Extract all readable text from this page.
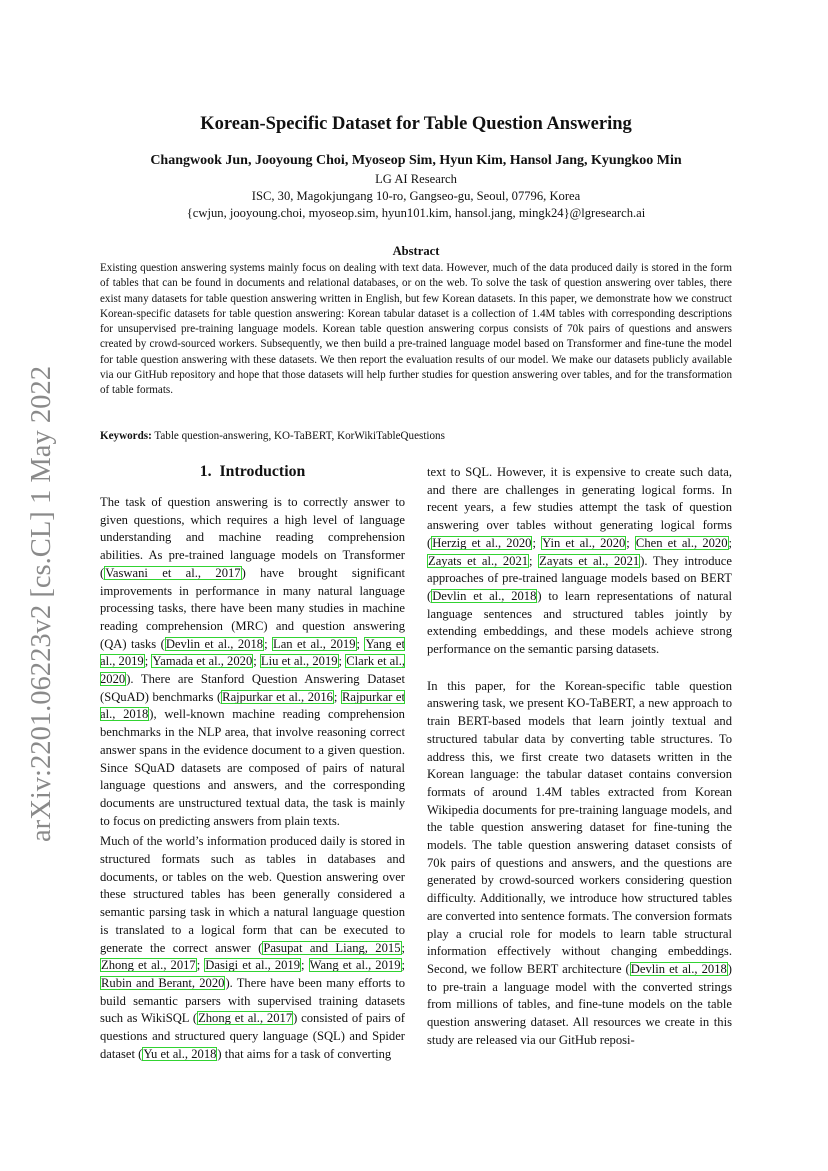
arXiv:2201.06223v2 [cs.CL] 1 May 2022
Korean-Specific Dataset for Table Question Answering
Changwook Jun, Jooyoung Choi, Myoseop Sim, Hyun Kim, Hansol Jang, Kyungkoo Min
LG AI Research
ISC, 30, Magokjungang 10-ro, Gangseo-gu, Seoul, 07796, Korea
{cwjun, jooyoung.choi, myoseop.sim, hyun101.kim, hansol.jang, mingk24}@lgresearch.ai
Abstract
Existing question answering systems mainly focus on dealing with text data. However, much of the data produced daily is stored in the form of tables that can be found in documents and relational databases, or on the web. To solve the task of question answering over tables, there exist many datasets for table question answering written in English, but few Korean datasets. In this paper, we demonstrate how we construct Korean-specific datasets for table question answering: Korean tabular dataset is a collection of 1.4M tables with corresponding descriptions for unsupervised pre-training language models. Korean table question answering corpus consists of 70k pairs of questions and answers created by crowd-sourced workers. Subsequently, we then build a pre-trained language model based on Transformer and fine-tune the model for table question answering with these datasets. We then report the evaluation results of our model. We make our datasets publicly available via our GitHub repository and hope that those datasets will help further studies for question answering over tables, and for the transformation of table formats.
Keywords: Table question-answering, KO-TaBERT, KorWikiTableQuestions
1. Introduction

The task of question answering is to correctly answer to given questions, which requires a high level of language understanding and machine reading comprehension abilities. As pre-trained language models on Transformer (Vaswani et al., 2017) have brought significant improvements in performance in many natural language processing tasks, there have been many studies in machine reading comprehension (MRC) and question answering (QA) tasks (Devlin et al., 2018; Lan et al., 2019; Yang et al., 2019; Yamada et al., 2020; Liu et al., 2019; Clark et al., 2020). There are Stanford Question Answering Dataset (SQuAD) benchmarks (Rajpurkar et al., 2016; Rajpurkar et al., 2018), well-known machine reading comprehension benchmarks in the NLP area, that involve reasoning correct answer spans in the evidence document to a given question. Since SQuAD datasets are composed of pairs of natural language questions and answers, and the corresponding documents are unstructured textual data, the task is mainly to focus on predicting answers from plain texts.

Much of the world’s information produced daily is stored in structured formats such as tables in databases and documents, or tables on the web. Question answering over these structured tables has been generally considered a semantic parsing task in which a natural language question is translated to a logical form that can be executed to generate the correct answer (Pasupat and Liang, 2015; Zhong et al., 2017; Dasigi et al., 2019; Wang et al., 2019; Rubin and Berant, 2020). There have been many efforts to build semantic parsers with supervised training datasets such as WikiSQL (Zhong et al., 2017) consisted of pairs of questions and structured query language (SQL) and Spider dataset (Yu et al., 2018) that aims for a task of converting

text to SQL. However, it is expensive to create such data, and there are challenges in generating logical forms. In recent years, a few studies attempt the task of question answering over tables without generating logical forms (Herzig et al., 2020; Yin et al., 2020; Chen et al., 2020; Zayats et al., 2021; Zayats et al., 2021). They introduce approaches of pre-trained language models based on BERT (Devlin et al., 2018) to learn representations of natural language sentences and structured tables jointly by extending embeddings, and these models achieve strong performance on the semantic parsing datasets.

In this paper, for the Korean-specific table question answering task, we present KO-TaBERT, a new approach to train BERT-based models that learn jointly textual and structured tabular data by converting table structures. To address this, we first create two datasets written in the Korean language: the tabular dataset contains conversion formats of around 1.4M tables extracted from Korean Wikipedia documents for pre-training language models, and the table question answering dataset for fine-tuning the models. The table question answering dataset consists of 70k pairs of questions and answers, and the questions are generated by crowd-sourced workers considering question difficulty. Additionally, we introduce how structured tables are converted into sentence formats. The conversion formats play a crucial role for models to learn table structural information effectively without changing embeddings. Second, we follow BERT architecture (Devlin et al., 2018) to pre-train a language model with the converted strings from millions of tables, and fine-tune models on the table question answering dataset. All resources we create in this study are released via our GitHub reposi-
